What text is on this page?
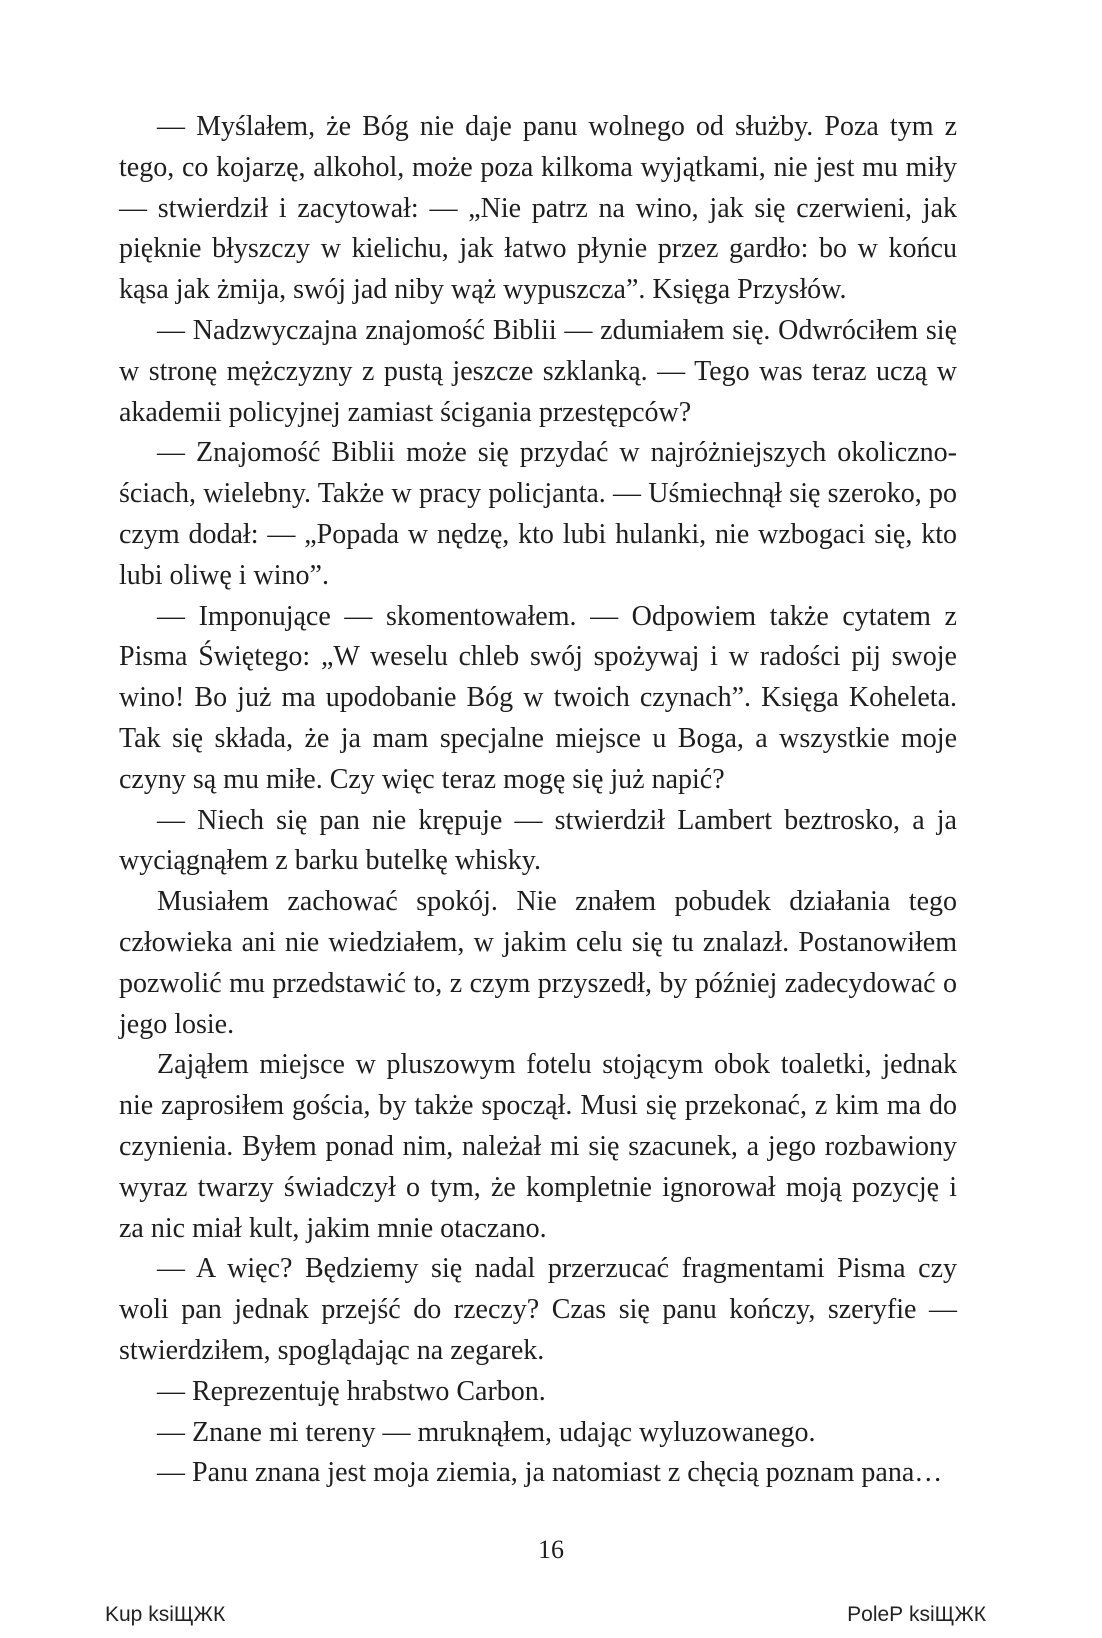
— Myślałem, że Bóg nie daje panu wolnego od służby. Poza tym z tego, co kojarzę, alkohol, może poza kilkoma wyjątkami, nie jest mu miły — stwierdził i zacytował: — „Nie patrz na wino, jak się czerwieni, jak pięknie błyszczy w kielichu, jak łatwo płynie przez gardło: bo w końcu kąsa jak żmija, swój jad niby wąż wypuszcza”. Księga Przysłów.

— Nadzwyczajna znajomość Biblii — zdumiałem się. Odwróciłem się w stronę mężczyzny z pustą jeszcze szklanką. — Tego was teraz uczą w akademii policyjnej zamiast ścigania przestępców?

— Znajomość Biblii może się przydać w najróżniejszych okolicznościach, wielebny. Także w pracy policjanta. — Uśmiechnął się szeroko, po czym dodał: — „Popada w nędzę, kto lubi hulanki, nie wzbogaci się, kto lubi oliwę i wino”.

— Imponujące — skomentowałem. — Odpowiem także cytatem z Pisma Świętego: „W weselu chleb swój spożywaj i w radości pij swoje wino! Bo już ma upodobanie Bóg w twoich czynach”. Księga Koheleta. Tak się składa, że ja mam specjalne miejsce u Boga, a wszystkie moje czyny są mu miłe. Czy więc teraz mogę się już napić?

— Niech się pan nie krępuje — stwierdził Lambert beztrosko, a ja wyciągnąłem z barku butelkę whisky.

Musiałem zachować spokój. Nie znałem pobudek działania tego człowieka ani nie wiedziałem, w jakim celu się tu znalazł. Postanowiłem pozwolić mu przedstawić to, z czym przyszedł, by później zadecydować o jego losie.

Zająłem miejsce w pluszowym fotelu stojącym obok toaletki, jednak nie zaprosiłem gościa, by także spoczął. Musi się przekonać, z kim ma do czynienia. Byłem ponad nim, należał mi się szacunek, a jego rozbawiony wyraz twarzy świadczył o tym, że kompletnie ignorował moją pozycję i za nic miał kult, jakim mnie otaczano.

— A więc? Będziemy się nadal przerzucać fragmentami Pisma czy woli pan jednak przejść do rzeczy? Czas się panu kończy, szeryfie — stwierdziłem, spoglądając na zegarek.

— Reprezentuję hrabstwo Carbon.

— Znane mi tereny — mruknąłem, udając wyluzowanego.

— Panu znana jest moja ziemia, ja natomiast z chęcią poznam pana…

16
Kup ksiЩЖК	PoleР ksiЩЖК
